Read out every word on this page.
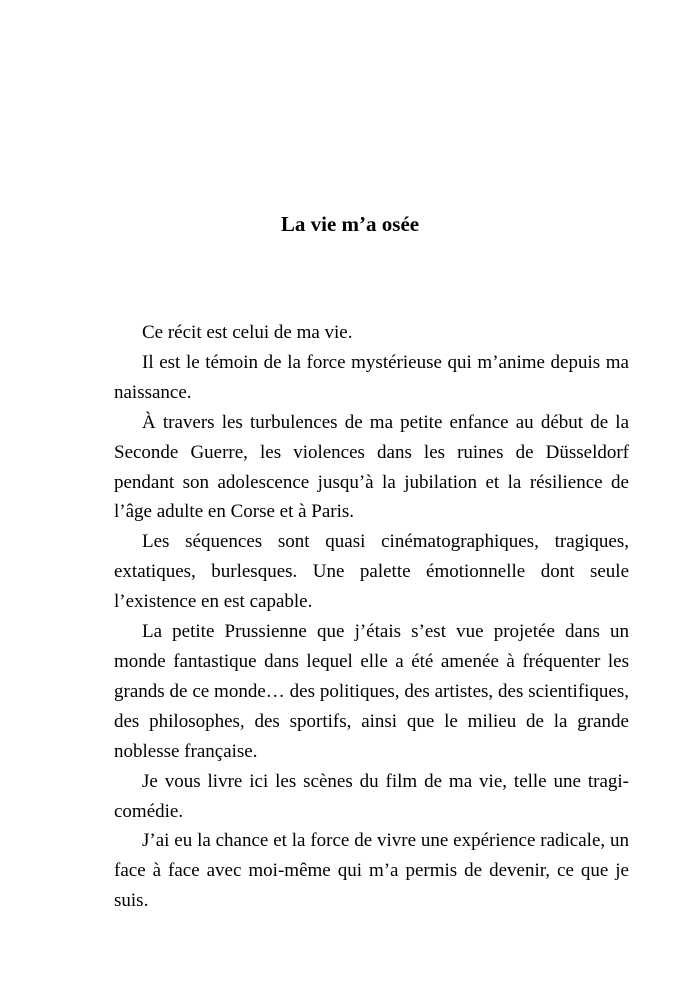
La vie m’a osée

Ce récit est celui de ma vie.

Il est le témoin de la force mystérieuse qui m’anime depuis ma naissance.

À travers les turbulences de ma petite enfance au début de la Seconde Guerre, les violences dans les ruines de Düsseldorf pendant son adolescence jusqu’à la jubilation et la résilience de l’âge adulte en Corse et à Paris.

Les séquences sont quasi cinématographiques, tragiques, extatiques, burlesques. Une palette émotionnelle dont seule l’existence en est capable.

La petite Prussienne que j’étais s’est vue projetée dans un monde fantastique dans lequel elle a été amenée à fréquenter les grands de ce monde… des politiques, des artistes, des scientifiques, des philosophes, des sportifs, ainsi que le milieu de la grande noblesse française.

Je vous livre ici les scènes du film de ma vie, telle une tragi-comédie.

J’ai eu la chance et la force de vivre une expérience radicale, un face à face avec moi-même qui m’a permis de devenir, ce que je suis.
